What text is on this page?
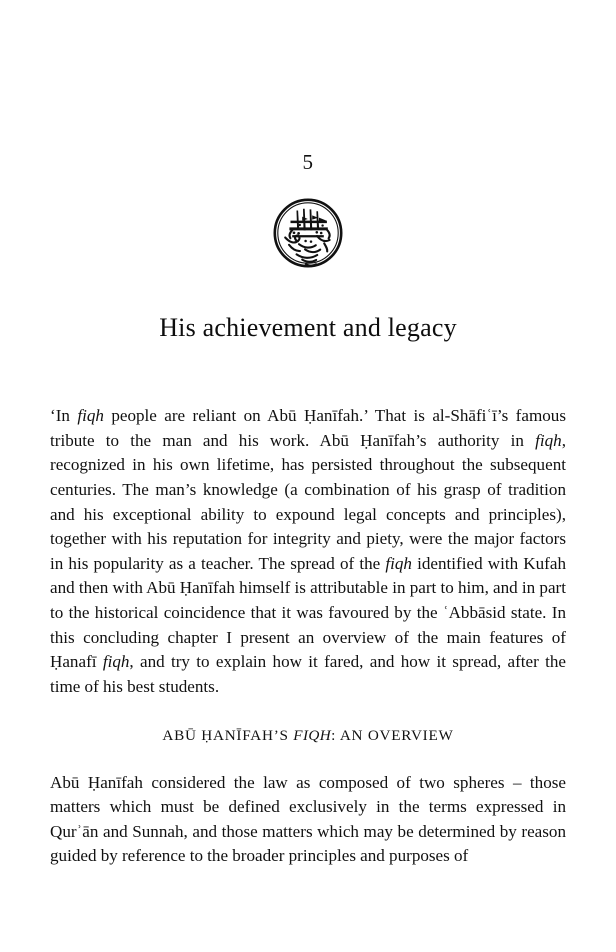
5
His achievement and legacy

‘In fiqh people are reliant on Abū Ḥanīfah.’ That is al-Shāfiʿī’s famous tribute to the man and his work. Abū Ḥanīfah’s authority in fiqh, recognized in his own lifetime, has persisted throughout the subsequent centuries. The man’s knowledge (a combination of his grasp of tradition and his exceptional ability to expound legal concepts and principles), together with his reputation for integrity and piety, were the major factors in his popularity as a teacher. The spread of the fiqh identified with Kufah and then with Abū Ḥanīfah himself is attributable in part to him, and in part to the historical coincidence that it was favoured by the ʿAbbāsid state. In this concluding chapter I present an overview of the main features of Ḥanafī fiqh, and try to explain how it fared, and how it spread, after the time of his best students.

ABŪ ḤANĪFAH’S FIQH: AN OVERVIEW

Abū Ḥanīfah considered the law as composed of two spheres – those matters which must be defined exclusively in the terms expressed in Qurʾān and Sunnah, and those matters which may be determined by reason guided by reference to the broader principles and purposes of
